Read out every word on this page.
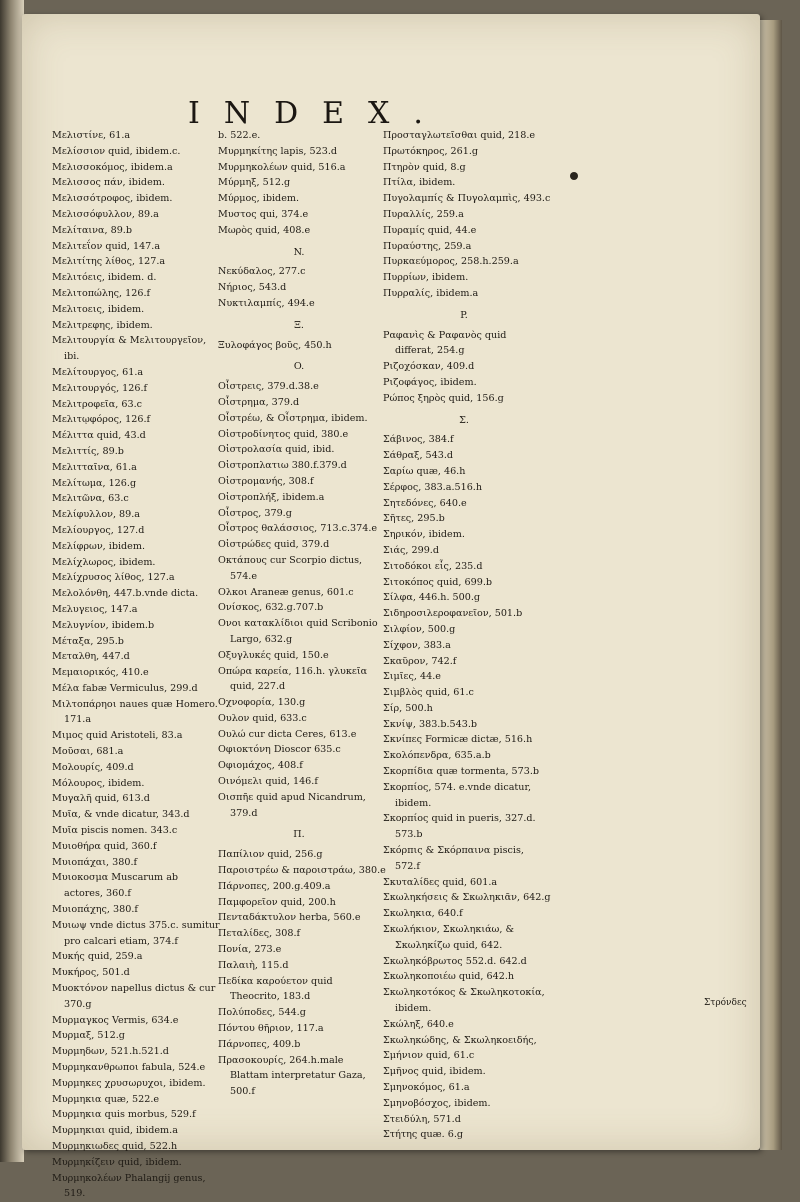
INDEX.
Μελιστίνε, 61.a
Μελίσσιον quid, ibidem.c.
Μελισσοκόμος, ibidem.a
Μελισσος πάν, ibidem.
Μελισσότροφος, ibidem.
Μελισσόφυλλον, 89.a
Μελίταινα, 89.b
Μελιτεΐον quid, 147.a
Μελιτίτης λίθος, 127.a
Μελιτόεις, ibidem. d.
Μελιτοπώλης, 126.f
Μελιτοεις, ibidem.
Μελιτρεφης, ibidem.
Μελιτουργία & Μελιτουργεῖον, ibi.
Μελίτουργος, 61.a
Μελιτουργός, 126.f
Μελιτροφεῖα, 63.c
Μελιτῳφόρος, 126.f
Μέλιττα quid, 43.d
Μελιττίς, 89.b
Μελιτταῖνα, 61.a
Μελίτωμα, 126.g
Μελιτῶνα, 63.c
Μελίφυλλον, 89.a
Μελίουργος, 127.d
Μελίφρων, ibidem.
Μελίχλωρος, ibidem.
Μελίχρυσος λίθος, 127.a
Μελολόνθη, 447.b.vnde dicta.
Μελυγειος, 147.a
Μελυγνίον, ibidem.b
Μέταξα, 295.b
Μεταλθη, 447.d
Μεμαιορικός, 410.e
Μέλα fabæ Vermiculus, 299.d
Μιλτοπάρηοι naues quæ Homero. 171.a
Μιμος quid Aristoteli, 83.a
Μοῦσαι, 681.a
Μολουρίς, 409.d
Μόλουρος, ibidem.
Μυγαλῆ quid, 613.d
Μυῖα, & vnde dicatur, 343.d
Μυῖα piscis nomen. 343.c
Μυιοθήρα quid, 360.f
Μυιοπάχαι, 380.f
Μυιοκοσμα Muscarum ab actores, 360.f
Μυιοπάχης, 380.f
Μυιωψ vnde dictus 375.c. sumitur pro calcari etiam, 374.f
Μυκής quid, 259.a
Μυκήρος, 501.d
Μυοκτόνον napellus dictus & cur 370.g
Μυρμαγκος Vermis, 634.e
Μυρμαξ, 512.g
Μυρμηδων, 521.h.521.d
Μυρμηκανθρωποι fabula, 524.e
Μυρμηκες χρυσωρυχοι, ibidem.
Μυρμηκια quæ, 522.e
Μυρμηκια quis morbus, 529.f
Μυρμηκιαι quid, ibidem.a
Μυρμηκιωδες quid, 522.h
Μυρμηκίζειν quid, ibidem.
Μυρμηκολέων Phalangij genus, 519.
b. 522.e.
Μυρμηκίτης lapis, 523.d
Μυρμηκολέων quid, 516.a
Μύρμηξ, 512.g
Μύρμος, ibidem.
Μυστος qui, 374.e
Μωρὸς quid, 408.e
N.
Νεκύδαλος, 277.c
Νήριος, 543.d
Νυκτιλαμπίς, 494.e
Ξ.
Ξυλοφάγος βοῦς, 450.h
O.
Οἶστρεις, 379.d.38.e
Οἶστρημα, 379.d
Οἶστρέω, & Οἶστρημα, ibidem.
Οἰστροδίνητος quid, 380.e
Οἰστρολασία quid, ibid.
Οἰστροπλατιω 380.f.379.d
Οἰστρομανής, 308.f
Οἰστροπλήξ, ibidem.a
Οἶστρος, 379.g
Οἶστρος θαλάσσιος, 713.c.374.e
Οἰστρώδες quid, 379.d
Οκτάπους cur Scorpio dictus, 574.e
Ολκοι Araneæ genus, 601.c
Ονίσκος, 632.g.707.b
Ονοι κατακλίδιοι quid Scribonio Largo, 632.g
Οξυγλυκές quid, 150.e
Οπώρα καρεία, 116.h. γλυκεῖα quid, 227.d
Οχνοφορία, 130.g
Ουλον quid, 633.c
Ουλώ cur dicta Ceres, 613.e
Οφιοκτόνη Dioscor 635.c
Οφιομάχος, 408.f
Οινόμελι quid, 146.f
Οισπῆε quid apud Nicandrum, 379.d
Π.
Παπίλιον quid, 256.g
Παροιστρέω & παροιστράω, 380.e
Πάρνοπες, 200.g.409.a
Παμφορεῖον quid, 200.h
Πενταδάκτυλον herba, 560.e
Πεταλίδες, 308.f
Πονία, 273.e
Παλαιὴ, 115.d
Πεδίκα καρούετον quid Theocrito, 183.d
Πολύποδες, 544.g
Πόντου θῆριον, 117.a
Πάρνοπες, 409.b
Πρασοκουρίς, 264.h.male Blattam interpretatur Gaza, 500.f
Προσταγλωτεῖσθαι quid, 218.e
Πρωτόκηρος, 261.g
Πτηρὸν quid, 8.g
Πτίλα, ibidem.
Πυγολαμπίς & Πυγολαμπὶς, 493.c
Πυραλλίς, 259.a
Πυραμίς quid, 44.e
Πυραύστης, 259.a
Πυρκαεύμορος, 258.h.259.a
Πυρρίων, ibidem.
Πυρραλίς, ibidem.a
P.
Ραφανὶς & Ραφανὸς quid differat, 254.g
Ριζοχόσκαν, 409.d
Ριζοφάγος, ibidem.
Ρώπος ξηρὸς quid, 156.g
Σ.
Σάβινος, 384.f
Σάθραξ, 543.d
Σαρίω quæ, 46.h
Σέρφος, 383.a.516.h
Σητεδόνες, 640.e
Σῆτες, 295.b
Σηρικόν, ibidem.
Σιάς, 299.d
Σιτοδόκοι εἷς, 235.d
Σιτοκόπος quid, 699.b
Σίλφα, 446.h. 500.g
Σιδηροσιλεροφανεῖον, 501.b
Σιλφίον, 500.g
Σίχφον, 383.a
Σκαῦρον, 742.f
Σιμῖες, 44.e
Σιμβλὸς quid, 61.c
Σίρ, 500.h
Σκνίψ, 383.b.543.b
Σκνίπες Formicæ dictæ, 516.h
Σκολόπενδρα, 635.a.b
Σκορπίδια quæ tormenta, 573.b
Σκορπίος, 574. e.vnde dicatur, ibidem.
Σκορπίος quid in pueris, 327.d. 573.b
Σκόρπις & Σκόρπαινα piscis, 572.f
Σκυταλίδες quid, 601.a
Σκωληκήσεις & Σκωληκιᾶν, 642.g
Σκωληκια, 640.f
Σκωλήκιον, Σκωληκιάω, & Σκωληκίζω quid, 642.
Σκωληκόβρωτος 552.d. 642.d
Σκωληκοποιέω quid, 642.h
Σκωληκοτόκος & Σκωληκοτοκία, ibidem.
Σκώληξ, 640.e
Σκωληκώδης, & Σκωληκοειδής,
Σμήνιον quid, 61.c
Σμῆνος quid, ibidem.
Σμηνοκόμος, 61.a
Σμηνοβόσχος, ibidem.
Στειδύλη, 571.d
Στήτης quæ. 6.g
Στρόνδες
